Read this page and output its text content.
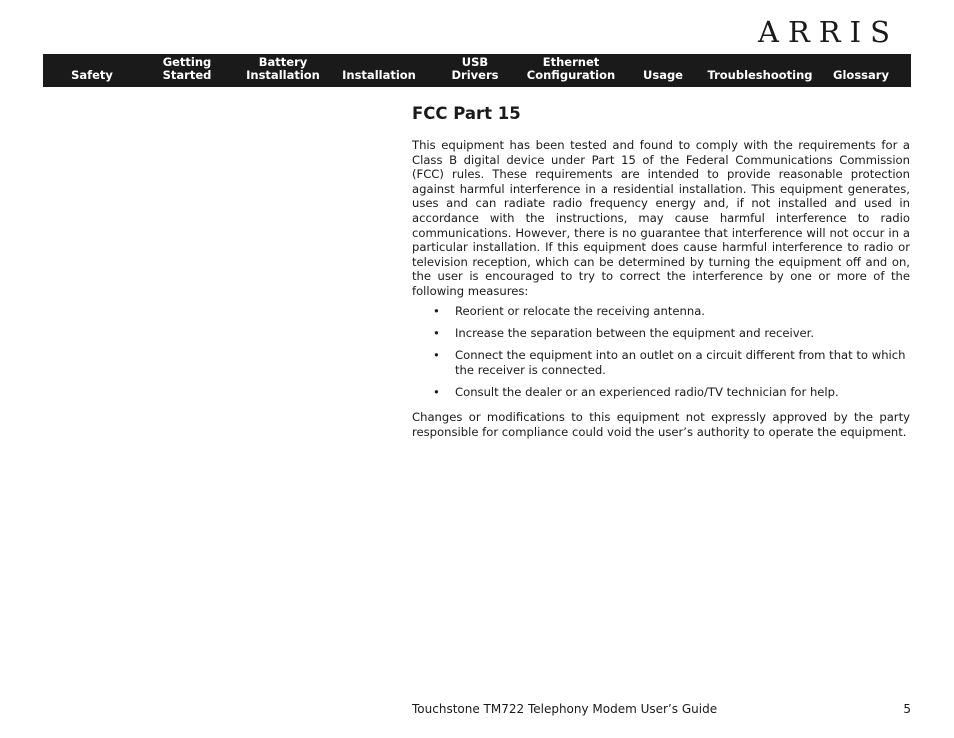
ARRIS
Safety
Getting
Started
Battery
Installation Installation
USB
Drivers
Ethernet
Configuration Usage Troubleshooting Glossary
FCC Part 15

This equipment has been tested and found to comply with the requirements for a Class B digital device under Part 15 of the Federal Communications Commission (FCC) rules. These requirements are intended to provide reasonable protection against harmful interference in a residential installation. This equipment generates, uses and can radiate radio frequency energy and, if not installed and used in accordance with the instructions, may cause harmful interference to radio communications. However, there is no guarantee that interference will not occur in a particular installation. If this equipment does cause harmful interference to radio or television reception, which can be determined by turning the equipment off and on, the user is encouraged to try to correct the interference by one or more of the following measures:

• Reorient or relocate the receiving antenna.
• Increase the separation between the equipment and receiver.
• Connect the equipment into an outlet on a circuit different from that to which the receiver is connected.
• Consult the dealer or an experienced radio/TV technician for help.

Changes or modifications to this equipment not expressly approved by the party responsible for compliance could void the user’s authority to operate the equipment.

Touchstone TM722 Telephony Modem User’s Guide	5
